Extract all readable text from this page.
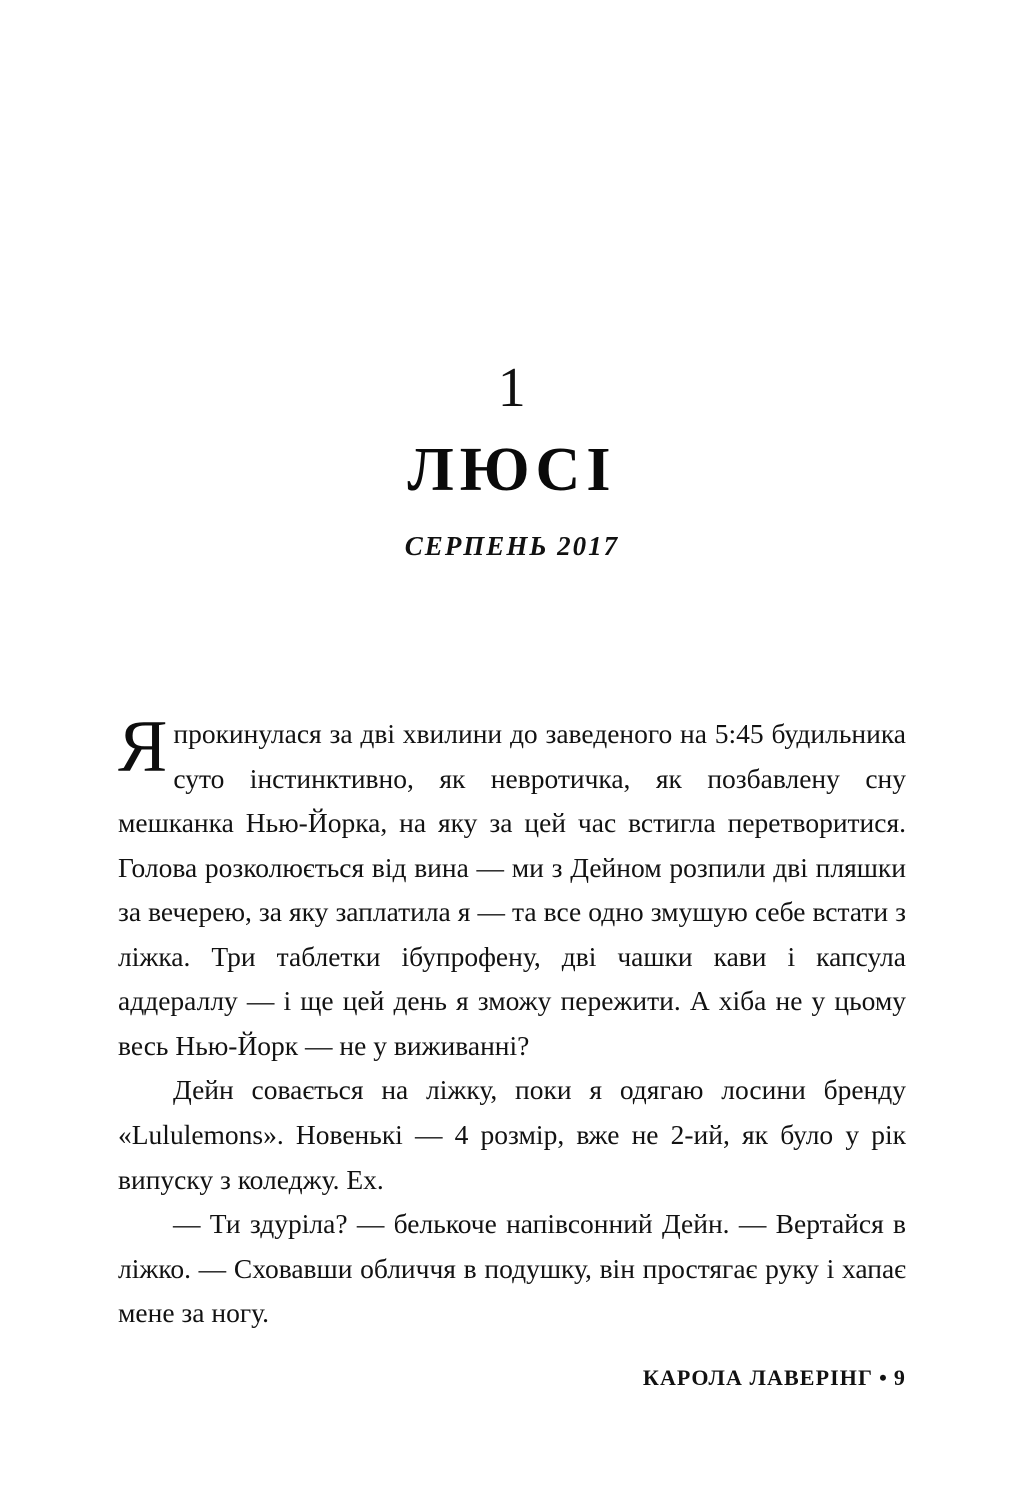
1
ЛЮСІ
СЕРПЕНЬ 2017

Я прокинулася за дві хвилини до заведеного на 5:45 будильника суто інстинктивно, як невротичка, як позбавлену сну мешканка Нью-Йорка, на яку за цей час встигла перетворитися. Голова розколюється від вина — ми з Дейном розпили дві пляшки за вечерею, за яку заплатила я — та все одно змушую себе встати з ліжка. Три таблетки ібупрофену, дві чашки кави і капсула аддераллу — і ще цей день я зможу пережити. А хіба не у цьому весь Нью-Йорк — не у виживанні?

Дейн совається на ліжку, поки я одягаю лосини бренду «Lululemons». Новенькі — 4 розмір, вже не 2-ий, як було у рік випуску з коледжу. Ех.

— Ти здуріла? — белькоче напівсонний Дейн. — Вертайся в ліжко. — Сховавши обличчя в подушку, він простягає руку і хапає мене за ногу.

КАРОЛА ЛАВЕРІНГ • 9
